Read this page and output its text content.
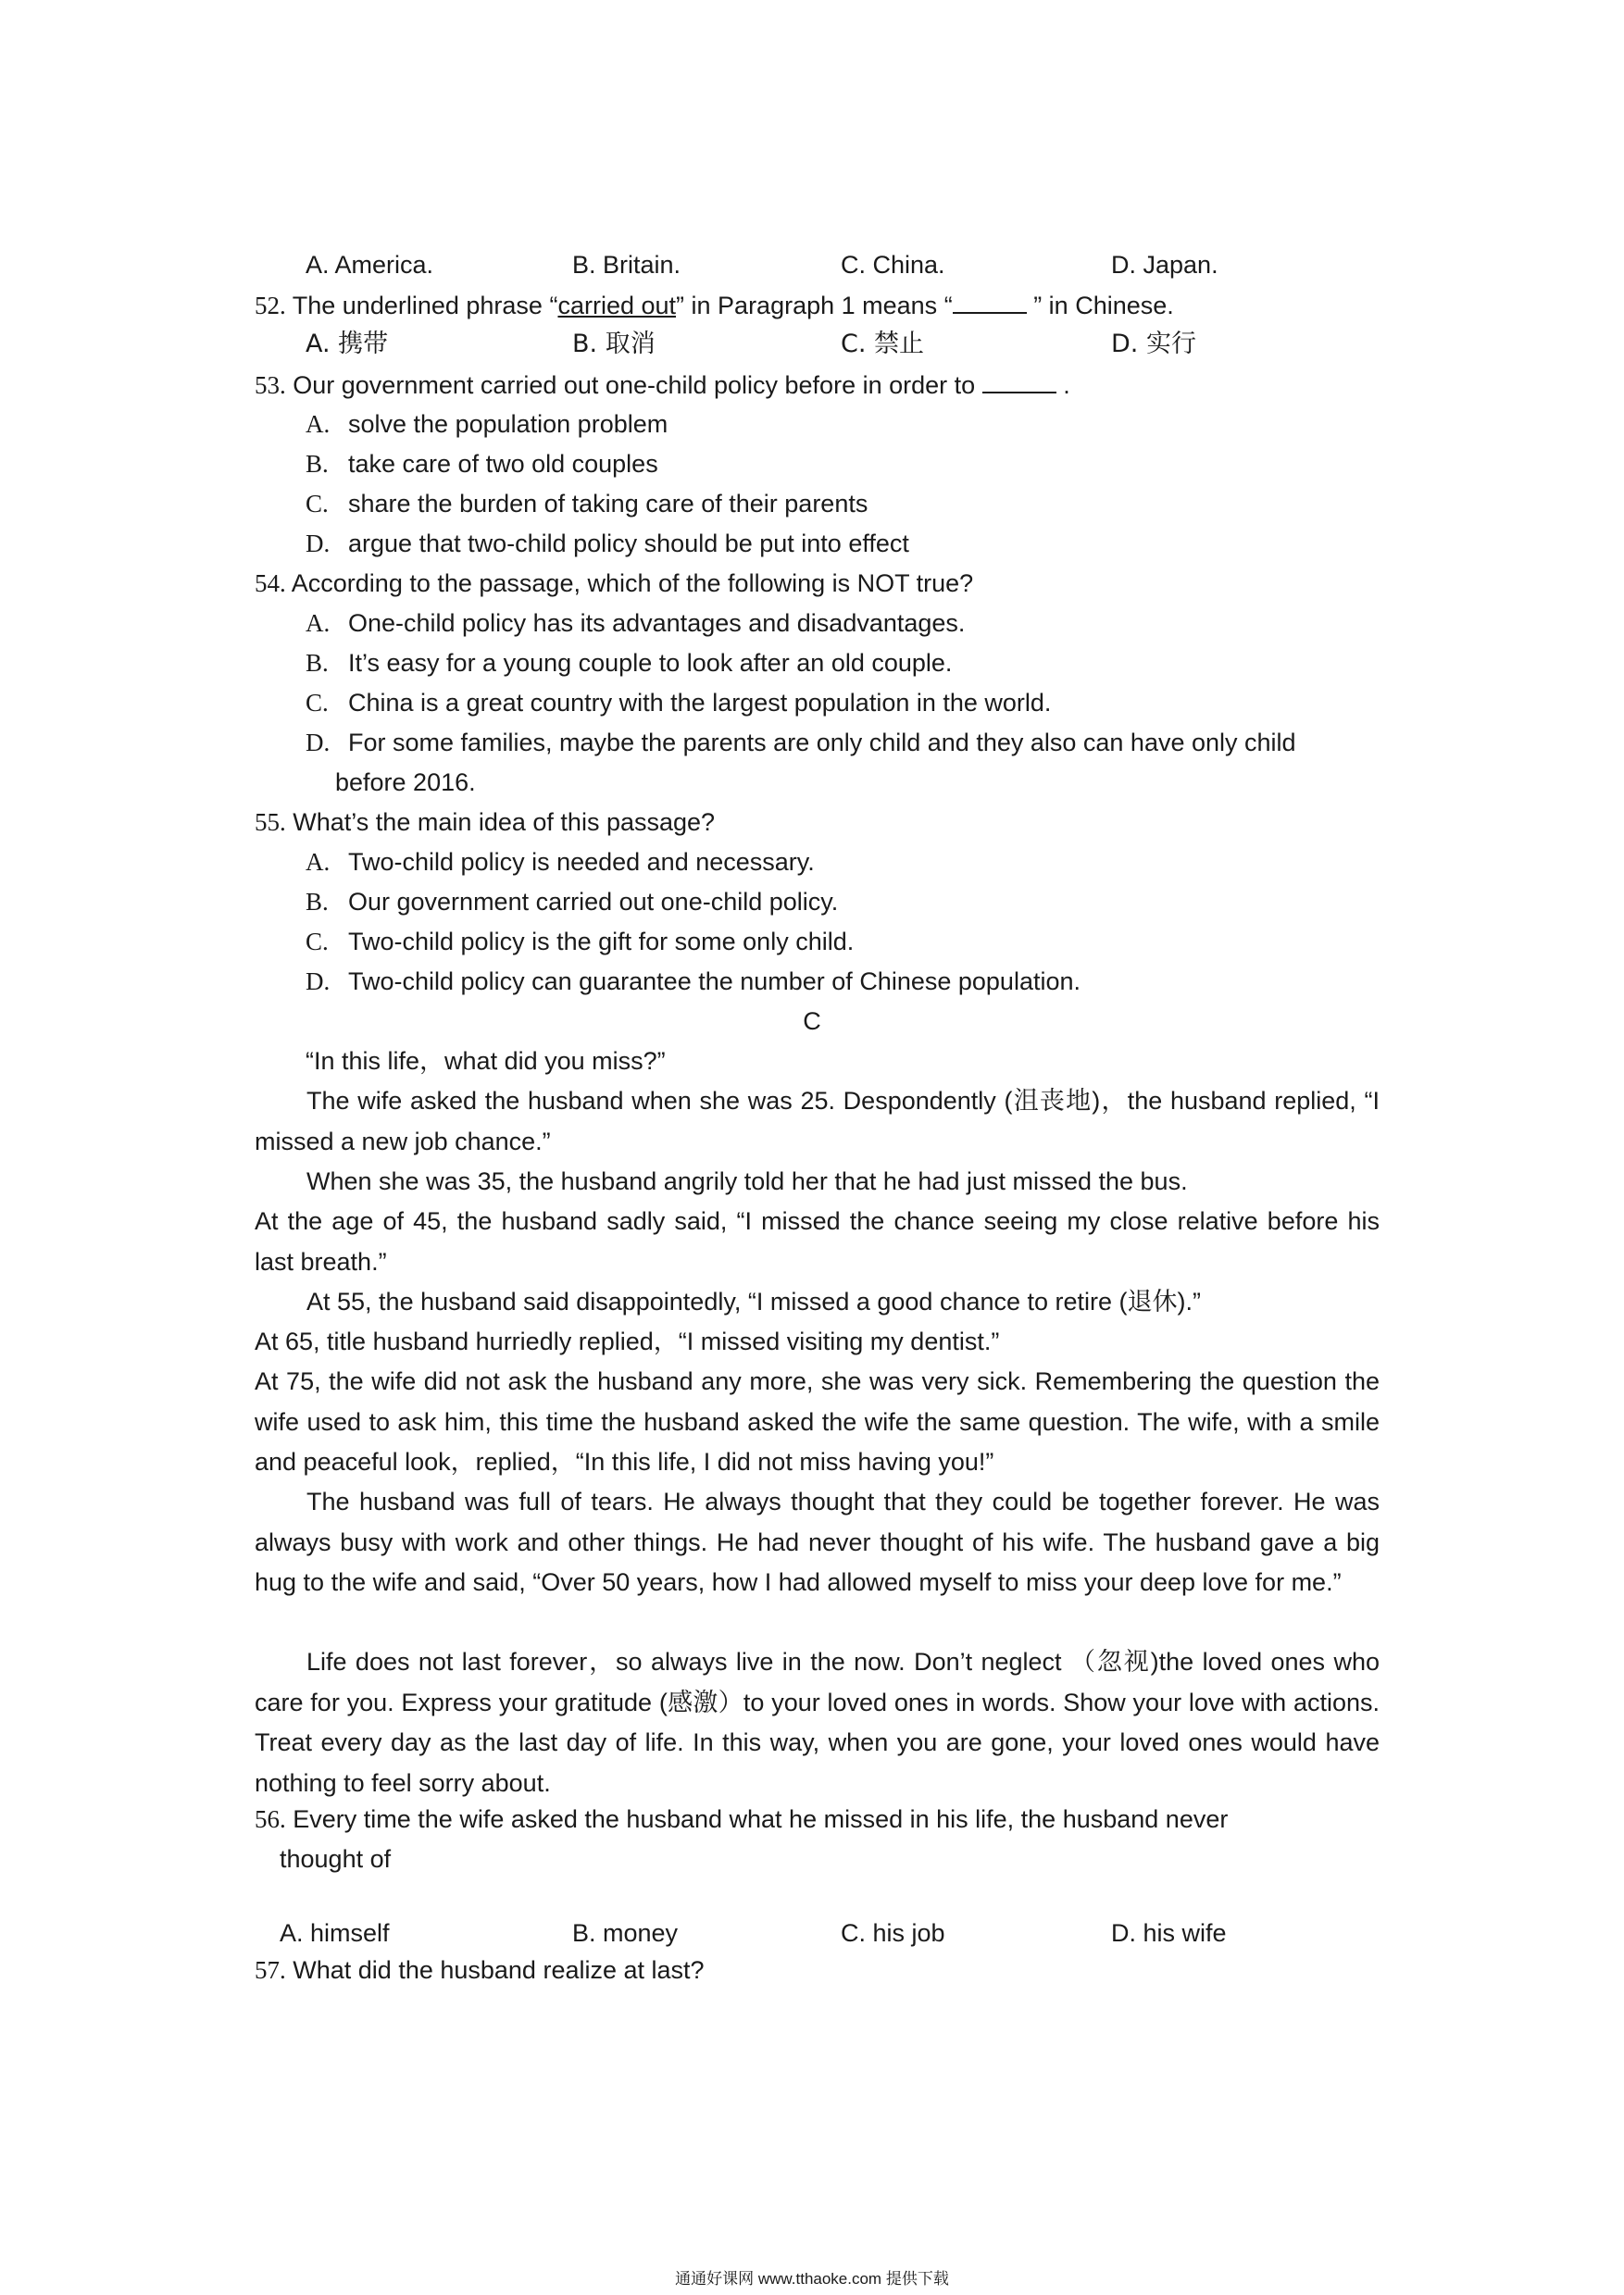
A. America.	B. Britain.	C. China.	D. Japan.
52. The underlined phrase “carried out” in Paragraph 1 means “	” in Chinese.
A. 携带	B. 取消	C. 禁止	D. 实行
53. Our government carried out one-child policy before in order to	.
A. solve the population problem
B. take care of two old couples
C. share the burden of taking care of their parents
D. argue that two-child policy should be put into effect
54. According to the passage, which of the following is NOT true?
A. One-child policy has its advantages and disadvantages.
B. It’s easy for a young couple to look after an old couple.
C. China is a great country with the largest population in the world.
D. For some families, maybe the parents are only child and they also can have only child
before 2016.
55. What’s the main idea of this passage?
A. Two-child policy is needed and necessary.
B. Our government carried out one-child policy.
C. Two-child policy is the gift for some only child.
D. Two-child policy can guarantee the number of Chinese population.
C
“In this life，what did you miss?”
The wife asked the husband when she was 25. Despondently (沮丧地)，the husband replied, “I missed a new job chance.”
When she was 35, the husband angrily told her that he had just missed the bus.
At the age of 45, the husband sadly said, “I missed the chance seeing my close relative before his last breath.”
At 55, the husband said disappointedly, “I missed a good chance to retire (退休).”
At 65, title husband hurriedly replied，“I missed visiting my dentist.”
At 75, the wife did not ask the husband any more, she was very sick. Remembering the question the wife used to ask him, this time the husband asked the wife the same question. The wife, with a smile and peaceful look，replied，“In this life, I did not miss having you!”
The husband was full of tears. He always thought that they could be together forever. He was always busy with work and other things. He had never thought of his wife. The husband gave a big hug to the wife and said, “Over 50 years, how I had allowed myself to miss your deep love for me.”
Life does not last forever，so always live in the now. Don’t neglect （忽视)the loved ones who care for you. Express your gratitude (感激）to your loved ones in words. Show your love with actions. Treat every day as the last day of life. In this way, when you are gone, your loved ones would have nothing to feel sorry about.
56. Every time the wife asked the husband what he missed in his life, the husband never
thought of
A. himself	B. money	C. his job	D. his wife
57. What did the husband realize at last?
通通好课网 www.tthaoke.com 提供下载
